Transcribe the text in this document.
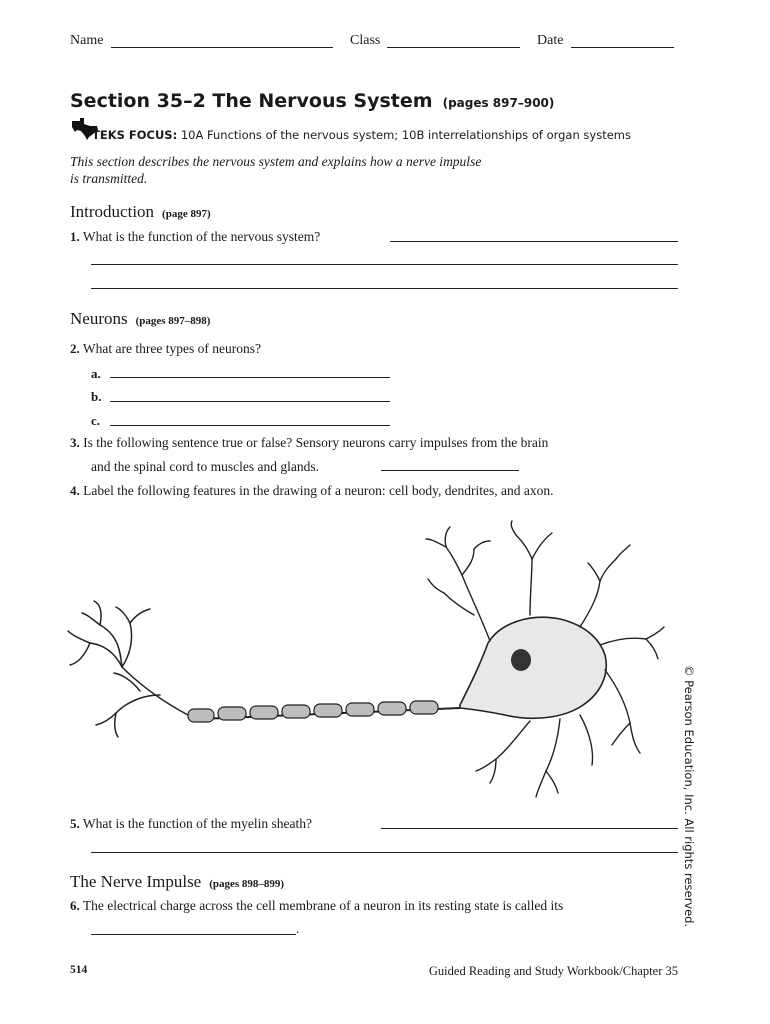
Name	Class	Date
Section 35–2 The Nervous System (pages 897–900)
TEKS FOCUS: 10A Functions of the nervous system; 10B interrelationships of organ systems
This section describes the nervous system and explains how a nerve impulse
is transmitted.
Introduction (page 897)
1. What is the function of the nervous system?
Neurons (pages 897–898)
2. What are three types of neurons?
a.
b.
c.
3. Is the following sentence true or false? Sensory neurons carry impulses from the brain
and the spinal cord to muscles and glands.
4. Label the following features in the drawing of a neuron: cell body, dendrites, and axon.
5. What is the function of the myelin sheath?
The Nerve Impulse (pages 898–899)
6. The electrical charge across the cell membrane of a neuron in its resting state is called its
.
514	Guided Reading and Study Workbook/Chapter 35
© Pearson Education, Inc. All rights reserved.
